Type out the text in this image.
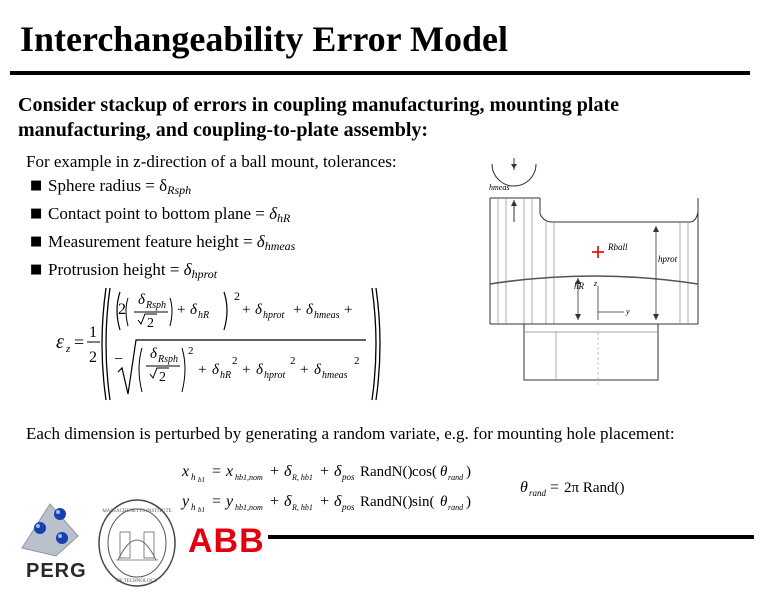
Interchangeability Error Model
Consider stackup of errors in coupling manufacturing, mounting plate manufacturing, and coupling-to-plate assembly:
For example in z-direction of a ball mount, tolerances:
■ Sphere radius = $\delta_{Rsph}$
■ Contact point to bottom plane = $\delta_{hR}$
■ Measurement feature height = $\delta_{hmeas}$
■ Protrusion height = $\delta_{hprot}$
ε z = 1
2
2
2
δ Rsph
2
+ δ hR + δ hprot + δ hmeas +
−	2
δ Rsph
2 + δ hR
2
+ δ hprot
2
+ δ hmeas
2
hmeas
Rball
hprot
hR z
y
Each dimension is perturbed by generating a random variate, e.g. for mounting hole placement:
x h b1 = x hb1,nom + δ R, hb1 + δ pos RandN() cos( θ rand )
y h b1 = y hb1,nom + δ R, hb1 + δ pos RandN() sin( θ rand )
θ rand = 2π Rand()
PERG
MASSACHUSETTS INSTITUTE
OF TECHNOLOGY
ABB
